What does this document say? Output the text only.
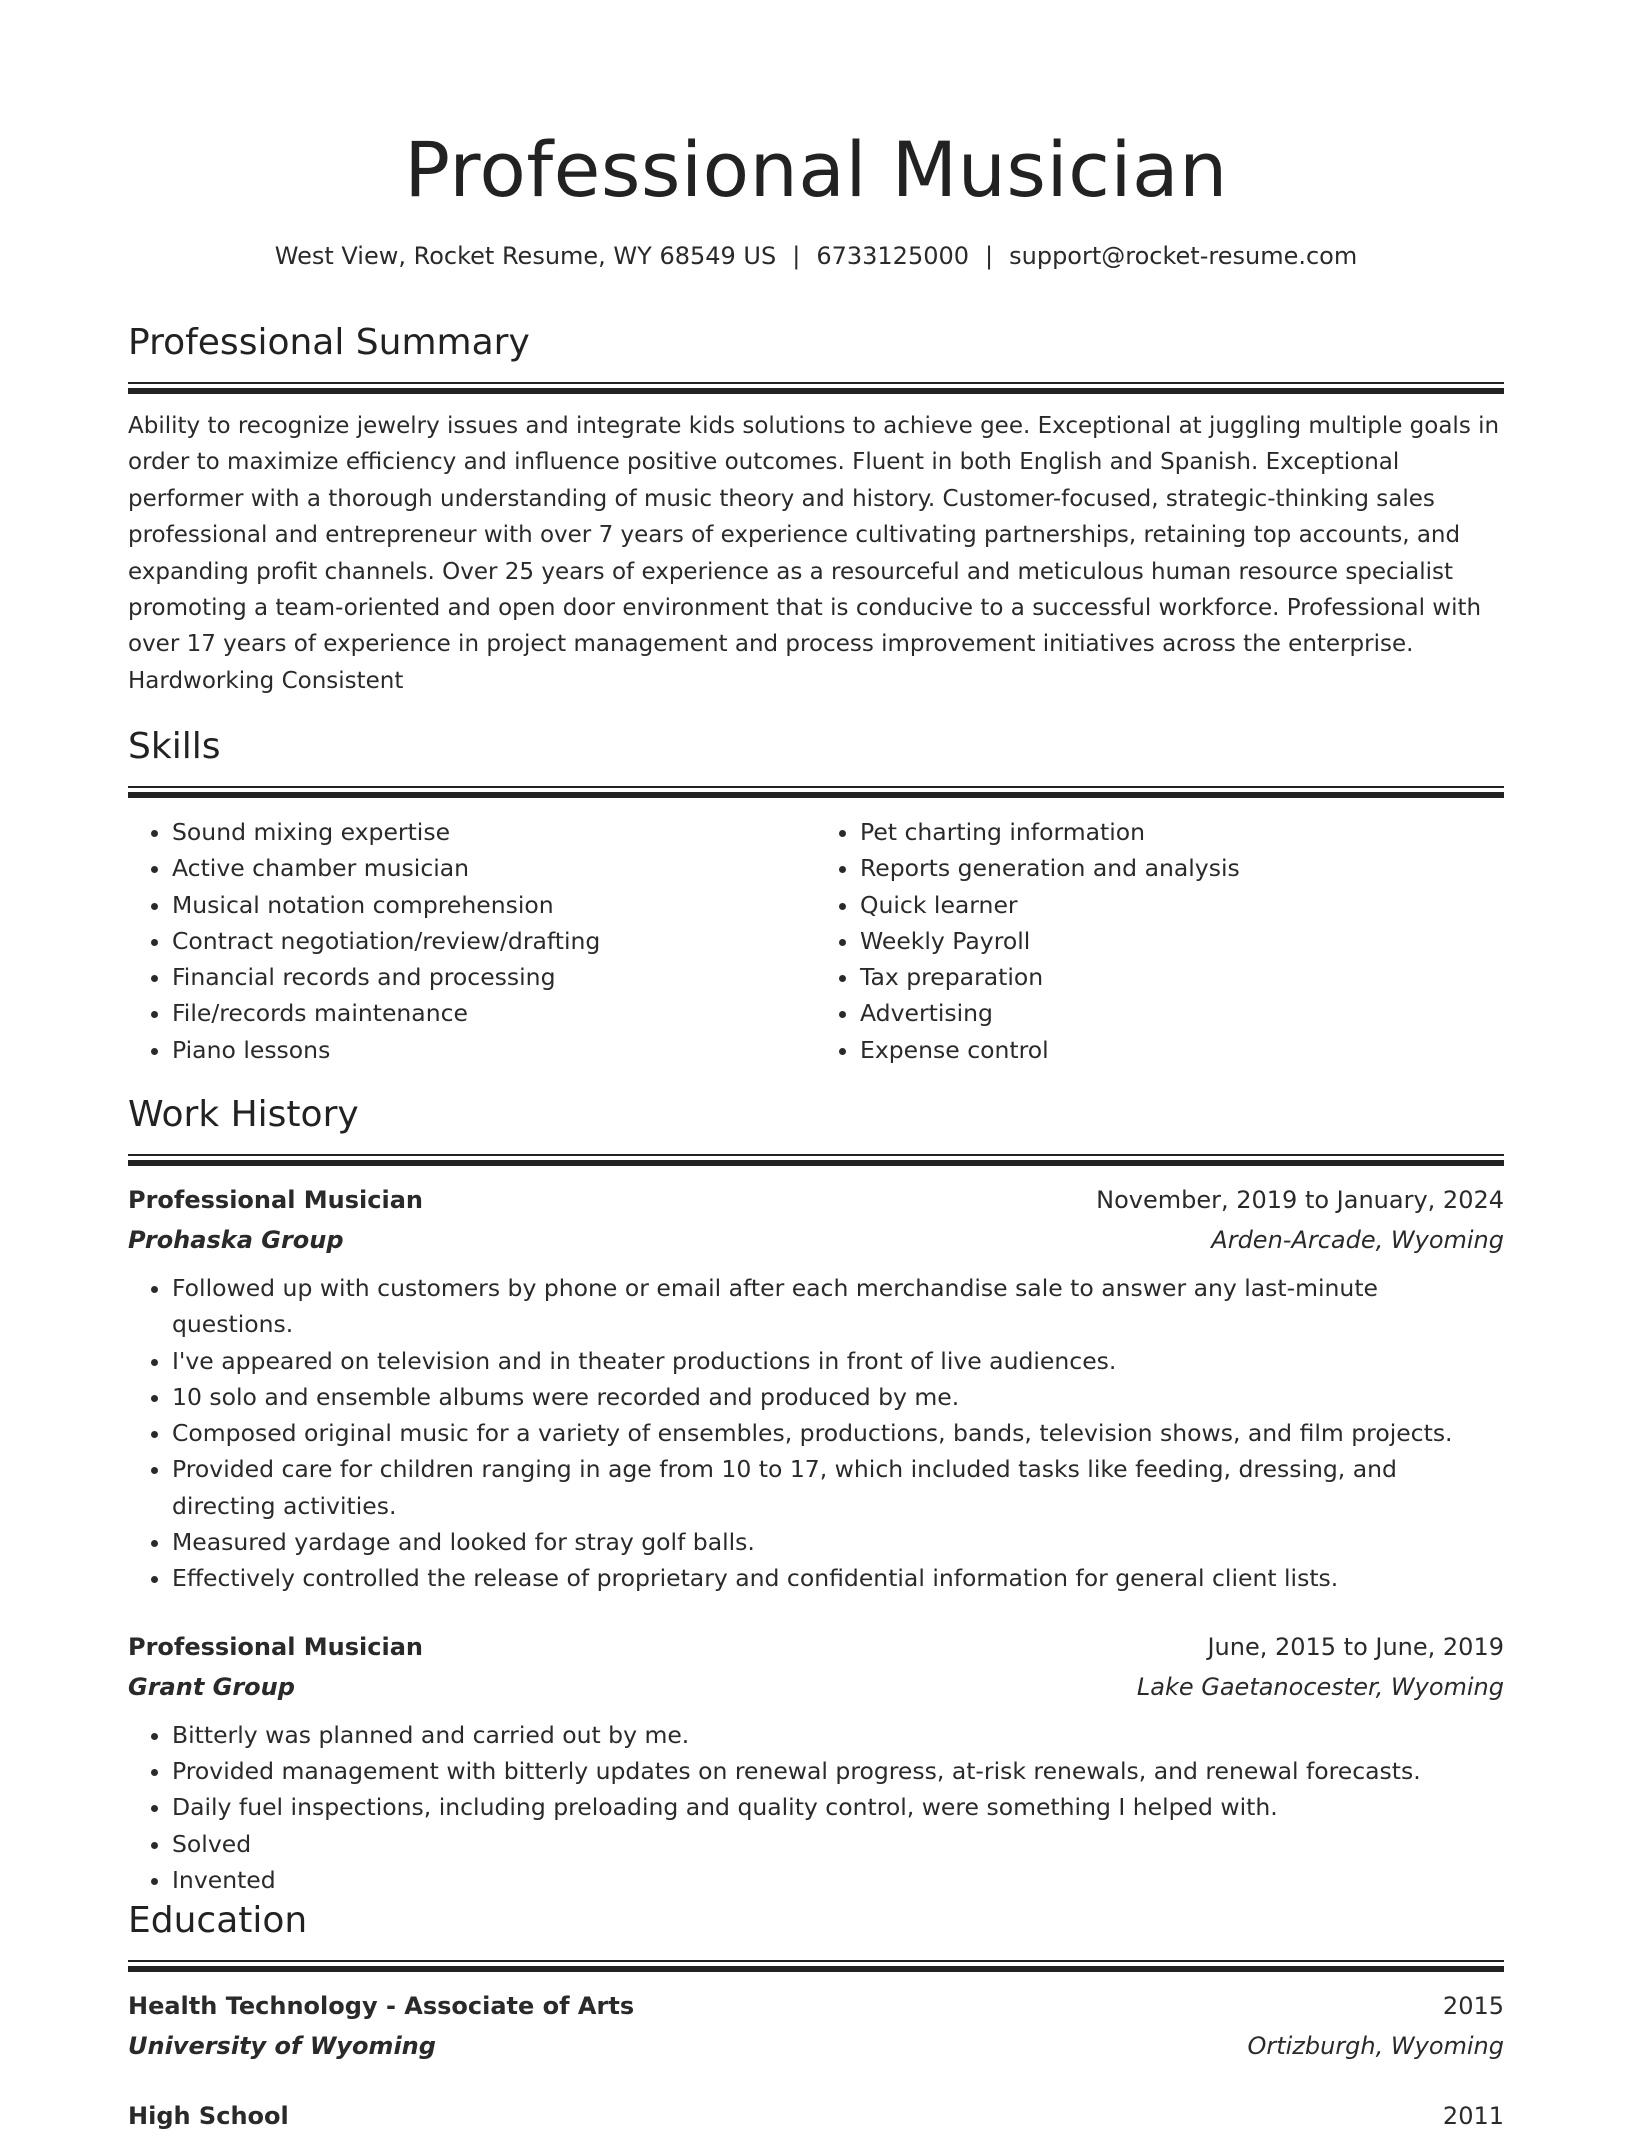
Professional Musician
West View, Rocket Resume, WY 68549 US | 6733125000 | support@rocket-resume.com
Professional Summary

Ability to recognize jewelry issues and integrate kids solutions to achieve gee. Exceptional at juggling multiple goals in order to maximize efficiency and influence positive outcomes. Fluent in both English and Spanish. Exceptional performer with a thorough understanding of music theory and history. Customer-focused, strategic-thinking sales professional and entrepreneur with over 7 years of experience cultivating partnerships, retaining top accounts, and expanding profit channels. Over 25 years of experience as a resourceful and meticulous human resource specialist promoting a team-oriented and open door environment that is conducive to a successful workforce. Professional with over 17 years of experience in project management and process improvement initiatives across the enterprise. Hardworking Consistent

Skills
• Sound mixing expertise
• Active chamber musician
• Musical notation comprehension
• Contract negotiation/review/drafting
• Financial records and processing
• File/records maintenance
• Piano lessons
• Pet charting information
• Reports generation and analysis
• Quick learner
• Weekly Payroll
• Tax preparation
• Advertising
• Expense control
Work History
Professional Musician	November, 2019 to January, 2024
Prohaska Group	Arden-Arcade, Wyoming
• Followed up with customers by phone or email after each merchandise sale to answer any last-minute questions.
• I've appeared on television and in theater productions in front of live audiences.
• 10 solo and ensemble albums were recorded and produced by me.
• Composed original music for a variety of ensembles, productions, bands, television shows, and film projects.
• Provided care for children ranging in age from 10 to 17, which included tasks like feeding, dressing, and directing activities.
• Measured yardage and looked for stray golf balls.
• Effectively controlled the release of proprietary and confidential information for general client lists.
Professional Musician	June, 2015 to June, 2019
Grant Group	Lake Gaetanocester, Wyoming
• Bitterly was planned and carried out by me.
• Provided management with bitterly updates on renewal progress, at-risk renewals, and renewal forecasts.
• Daily fuel inspections, including preloading and quality control, were something I helped with.
• Solved
• Invented
Education
Health Technology - Associate of Arts	2015
University of Wyoming	Ortizburgh, Wyoming
High School	2011
